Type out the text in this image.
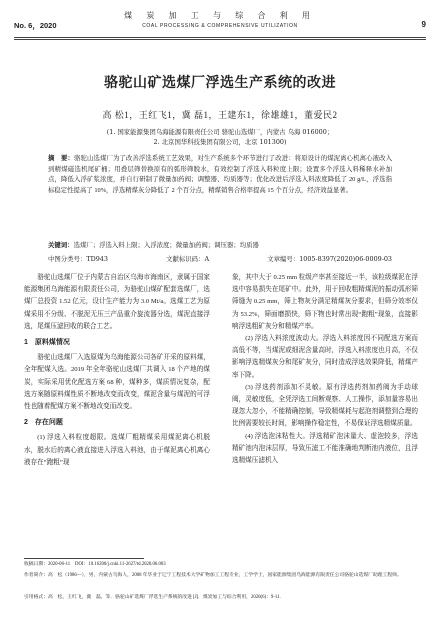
No. 6，2020
煤 炭 加 工 与 综 合 利 用
COAL PROCESSING & COMPREHENSIVE UTILIZATION	9
骆驼山矿选煤厂浮选生产系统的改进
高 松1，王红飞1，冀 磊1，王建东1，徐雄雄1，董爱民2
(1. 国家能源集团乌海能源有限责任公司 骆驼山选煤厂，内蒙古 乌海 016000；
2. 北京国华科技集团有限公司，北京 101300)
摘　要：骆驼山选煤厂为了改善浮选系统工艺效果，对生产系统多个环节进行了改进：将原设计的煤泥离心机离心液改入到精煤磁选机尾矿桶；用叠层筛替换原有的弧形筛脱水，有效控制了浮选入料粒度上限；设置多个浮选入料稀释水补加点，降低入浮矿浆浓度，并自行研制了微量加药阀；调整器、均质器等；优化改进后浮选入料浓度降低了 20 g/L，浮选指标稳定性提高了 10%，浮选精煤灰分降低了 2 个百分点，精煤销售合格率提高 15 个百分点，经济效益显著。
关键词：选煤厂；浮选入料上限；入浮浓度；微量加药阀；调压器；均质器
中图分类号：TD943	文献标识码：A	文章编号：1005-8397(2020)06-0009-03

骆驼山选煤厂位于内蒙古自治区乌海市海南区，隶属于国家能源集团乌海能源有限责任公司，为骆驼山煤矿配套选煤厂，选煤厂总投资 1.52 亿元，设计生产能力为 3.0 Mt/a。选煤工艺为原煤采用不分级、不脱泥无压三产品重介旋流器分选，煤泥直接浮选，尾煤压滤回收的联合工艺。

1　原料煤情况

骆驼山选煤厂入选原煤为乌海能源公司各矿开采的原料煤，全年配煤入选。2019 年全年骆驼山选煤厂共调入 18 个产地的煤炭，实际采用优化配选方案 68 种，煤种多，煤质情况复杂，配选方案随原料煤性质不断地改变而改变，煤泥含量与煤泥的可浮性也随着配煤方案不断地改变而改变。

2　存在问题

(1) 浮选入料粒度超限。选煤厂粗精煤采用煤泥离心机脱水，脱水后的离心液直接进入浮选入料池，由于煤泥离心机离心液存在“跑粗”现

象，其中大于 0.25 mm 粒级产率甚至接近一半，该粒级煤泥在浮选中容易损失在尾矿中。此外，用于回收粗精煤泥的振动弧形筛筛缝为 0.25 mm，筛上物灰分满足精煤灰分要求，但筛分效率仅为 53.2%，筛面磨损快，筛下物也时常出现“跑粗”现象，直接影响浮选粗矿灰分和精煤产率。

(2) 浮选入料浓度波动大。浮选入料浓度因不同配选方案而高低不等，当煤泥或细泥含量高时，浮选入料浓度也月高，不仅影响浮选精煤灰分和尾矿灰分，同时造成浮选效果降低，精煤产率下降。

(3) 浮选药剂添加不灵敏。原有浮选药剂加药阀为手动球阀，灵敏度低，全凭浮选工间断观察、人工操作，添加量容易出现忽大忽小，不能精确控制，导致精煤耗与起泡剂调整到合理的比例需要较长时间，影响操作稳定性，不易保证浮选精煤质量。

(4) 浮选泡沫粘性大。浮选精矿泡沫量大、虚泡较多，浮选精矿池内泡沫层厚，导致压滤工不能准确地判断池内液位，且浮选精煤压滤机入

收稿日期：2020-06-11　DOI：10.16200/j.cnki.11-2627/td.2020.06.003
作者简介：高　松（1986—），男，内蒙古乌海人，2008 年毕业于辽宁工程技术大学矿物加工工程专业，工学学士，国家能源集团乌海能源有限责任公司骆驼山选煤厂助理工程师。
引用格式：高　松，王红飞，冀　磊，等．骆驼山矿选煤厂浮选生产系统的改进 [J]．煤炭加工与综合利用，2020(6)：9-11.
